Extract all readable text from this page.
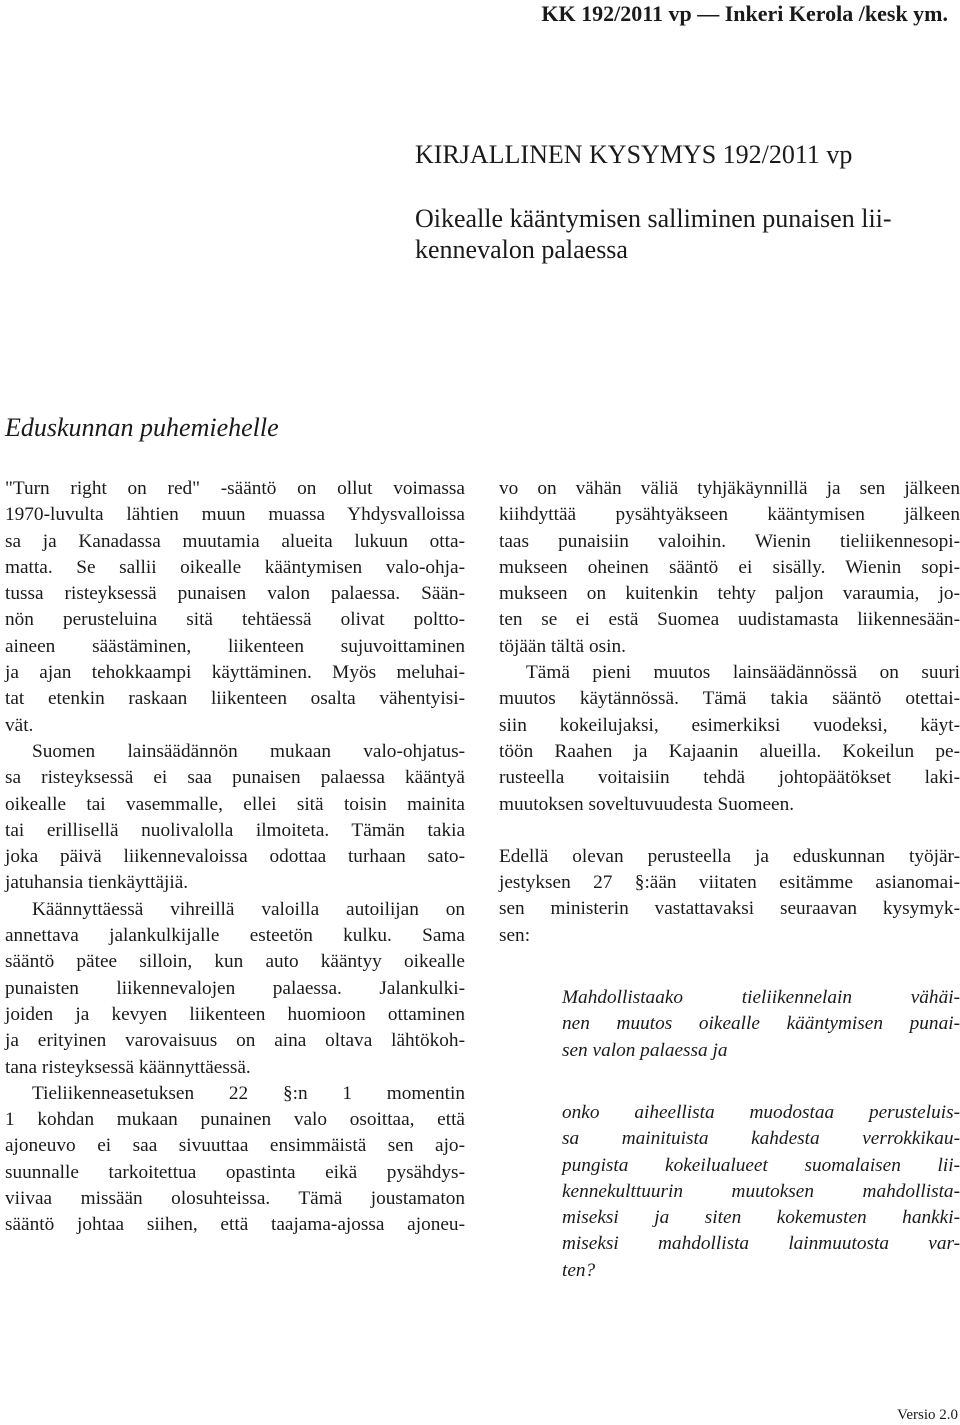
KK 192/2011 vp — Inkeri Kerola /kesk ym.
KIRJALLINEN KYSYMYS 192/2011 vp
Oikealle kääntymisen salliminen punaisen lii-
kennevalon palaessa
Eduskunnan puhemiehelle

"Turn right on red" -sääntö on ollut voimassa
1970-luvulta lähtien muun muassa Yhdysvalloissa
sa ja Kanadassa muutamia alueita lukuun otta-
matta. Se sallii oikealle kääntymisen valo-ohja-
tussa risteyksessä punaisen valon palaessa. Sään-
nön perusteluina sitä tehtäessä olivat poltto-
aineen säästäminen, liikenteen sujuvoittaminen
ja ajan tehokkaampi käyttäminen. Myös meluhai-
tat etenkin raskaan liikenteen osalta vähentyisi-
vät.

Suomen lainsäädännön mukaan valo-ohjatus-
sa risteyksessä ei saa punaisen palaessa kääntyä
oikealle tai vasemmalle, ellei sitä toisin mainita
tai erillisellä nuolivalolla ilmoiteta. Tämän takia
joka päivä liikennevaloissa odottaa turhaan sato-
jatuhansia tienkäyttäjiä.

Käännyttäessä vihreillä valoilla autoilijan on
annettava jalankulkijalle esteetön kulku. Sama
sääntö pätee silloin, kun auto kääntyy oikealle
punaisten liikennevalojen palaessa. Jalankulki-
joiden ja kevyen liikenteen huomioon ottaminen
ja erityinen varovaisuus on aina oltava lähtökoh-
tana risteyksessä käännyttäessä.

Tieliikenneasetuksen 22 §:n 1 momentin
1 kohdan mukaan punainen valo osoittaa, että
ajoneuvo ei saa sivuuttaa ensimmäistä sen ajo-
suunnalle tarkoitettua opastinta eikä pysähdys-
viivaa missään olosuhteissa. Tämä joustamaton
sääntö johtaa siihen, että taajama-ajossa ajoneu-

vo on vähän väliä tyhjäkäynnillä ja sen jälkeen
kiihdyttää pysähtyäkseen kääntymisen jälkeen
taas punaisiin valoihin. Wienin tieliikennesopi-
mukseen oheinen sääntö ei sisälly. Wienin sopi-
mukseen on kuitenkin tehty paljon varaumia, jo-
ten se ei estä Suomea uudistamasta liikennesään-
töjään tältä osin.

Tämä pieni muutos lainsäädännössä on suuri
muutos käytännössä. Tämä takia sääntö otettai-
siin kokeilujaksi, esimerkiksi vuodeksi, käyt-
töön Raahen ja Kajaanin alueilla. Kokeilun pe-
rusteella voitaisiin tehdä johtopäätökset laki-
muutoksen soveltuvuudesta Suomeen.

Edellä olevan perusteella ja eduskunnan työjär-
jestyksen 27 §:ään viitaten esitämme asianomai-
sen ministerin vastattavaksi seuraavan kysymyk-
sen:

Mahdollistaako tieliikennelain vähäi-
nen muutos oikealle kääntymisen punai-
sen valon palaessa ja
onko aiheellista muodostaa perusteluis-
sa mainituista kahdesta verrokkikau-
pungista kokeilualueet suomalaisen lii-
kennekulttuurin muutoksen mahdollista-
miseksi ja siten kokemusten hankki-
miseksi mahdollista lainmuutosta var-
ten?
Versio 2.0
